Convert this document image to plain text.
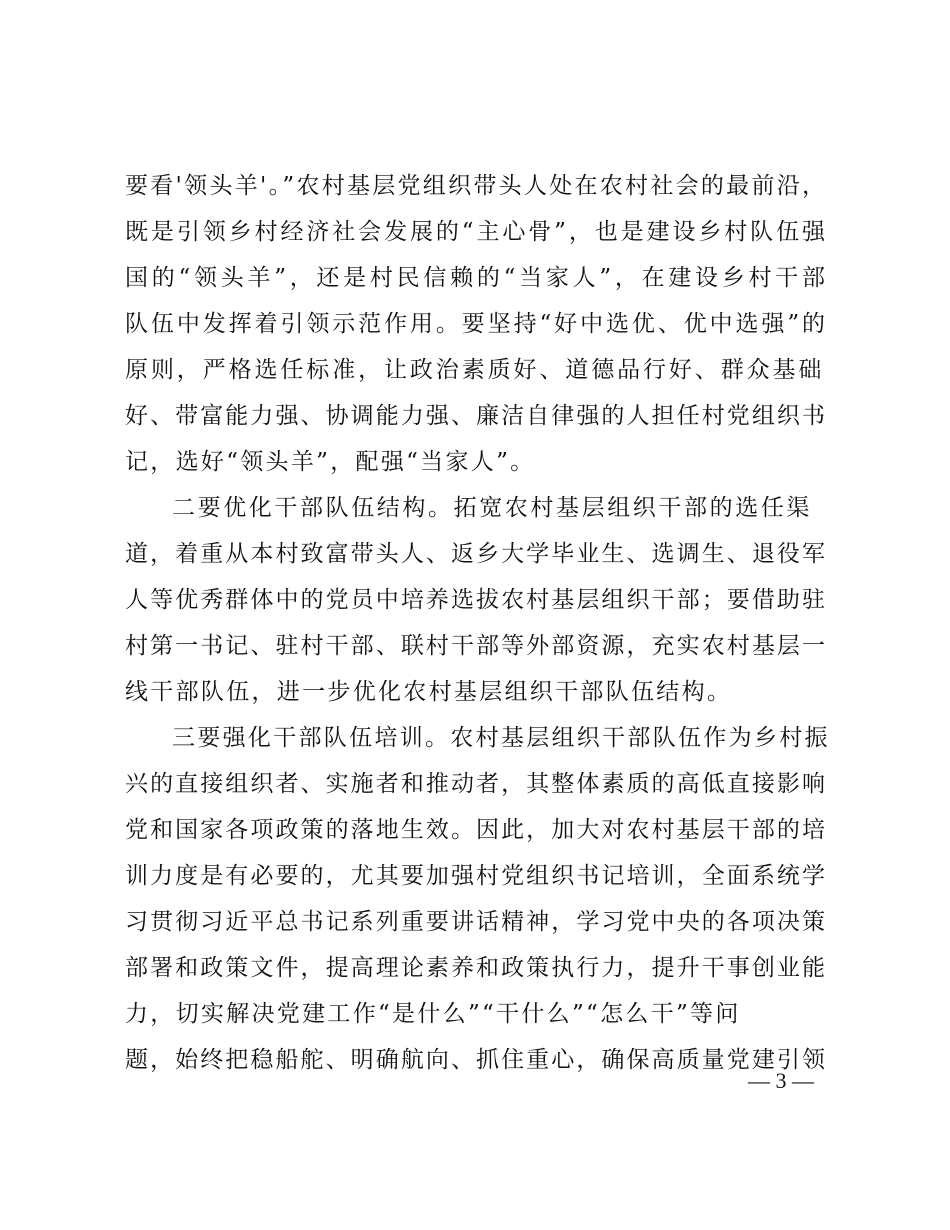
要看'领头羊'。”农村基层党组织带头人处在农村社会的最前沿，
既是引领乡村经济社会发展的“主心骨”，也是建设乡村队伍强
国的“领头羊”，还是村民信赖的“当家人”，在建设乡村干部
队伍中发挥着引领示范作用。要坚持“好中选优、优中选强”的
原则，严格选任标准，让政治素质好、道德品行好、群众基础
好、带富能力强、协调能力强、廉洁自律强的人担任村党组织书
记，选好“领头羊”，配强“当家人”。
二要优化干部队伍结构。拓宽农村基层组织干部的选任渠
道，着重从本村致富带头人、返乡大学毕业生、选调生、退役军
人等优秀群体中的党员中培养选拔农村基层组织干部；要借助驻
村第一书记、驻村干部、联村干部等外部资源，充实农村基层一
线干部队伍，进一步优化农村基层组织干部队伍结构。
三要强化干部队伍培训。农村基层组织干部队伍作为乡村振
兴的直接组织者、实施者和推动者，其整体素质的高低直接影响
党和国家各项政策的落地生效。因此，加大对农村基层干部的培
训力度是有必要的，尤其要加强村党组织书记培训，全面系统学
习贯彻习近平总书记系列重要讲话精神，学习党中央的各项决策
部署和政策文件，提高理论素养和政策执行力，提升干事创业能
力，切实解决党建工作“是什么”“干什么”“怎么干”等问
题，始终把稳船舵、明确航向、抓住重心，确保高质量党建引领
— 3 —
